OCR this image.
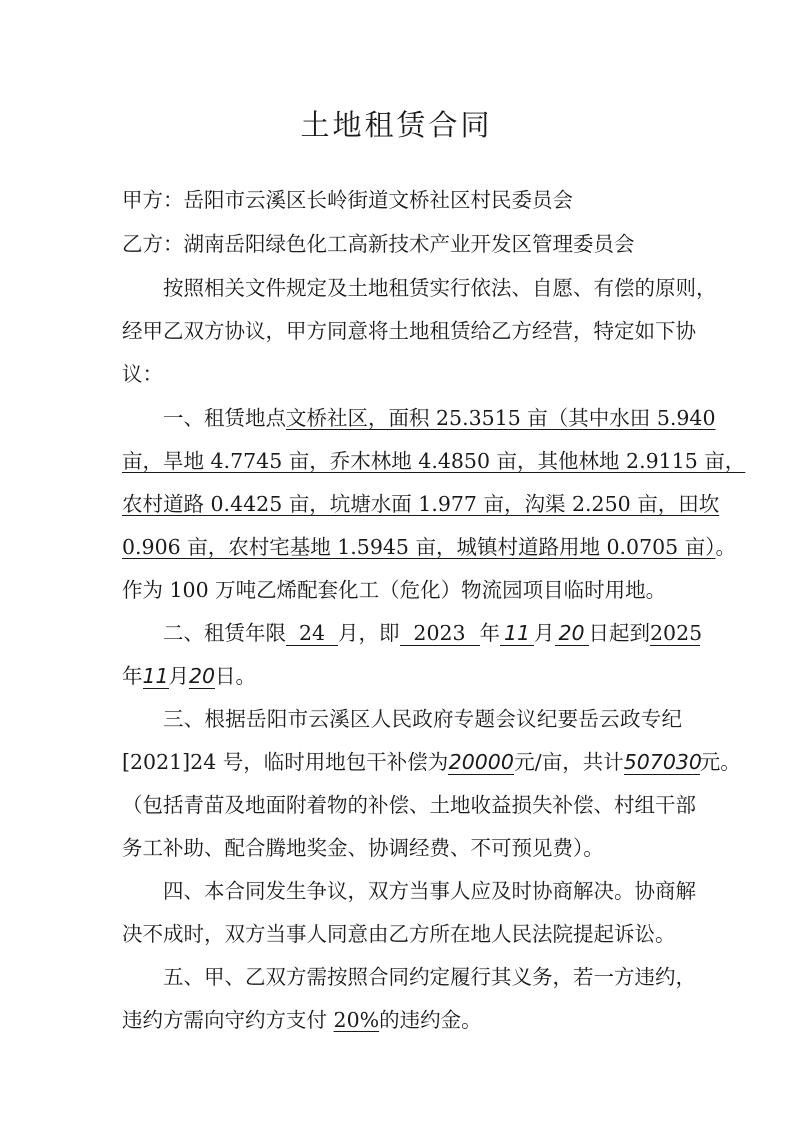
土地租赁合同
甲方：岳阳市云溪区长岭街道文桥社区村民委员会
乙方：湖南岳阳绿色化工高新技术产业开发区管理委员会
按照相关文件规定及土地租赁实行依法、自愿、有偿的原则，
经甲乙双方协议，甲方同意将土地租赁给乙方经营，特定如下协
议：
一、租赁地点文桥社区，面积 25.3515 亩（其中水田 5.940
亩，旱地 4.7745 亩，乔木林地 4.4850 亩，其他林地 2.9115 亩，
农村道路 0.4425 亩，坑塘水面 1.977 亩，沟渠 2.250 亩，田坎
0.906 亩，农村宅基地 1.5945 亩，城镇村道路用地 0.0705 亩）。
作为 100 万吨乙烯配套化工（危化）物流园项目临时用地。
二、租赁年限 24 月，即 2023 年 11 月 20 日起到2025
年11月20日。
三、根据岳阳市云溪区人民政府专题会议纪要岳云政专纪
[2021]24 号，临时用地包干补偿为20000元/亩，共计507030元。
（包括青苗及地面附着物的补偿、土地收益损失补偿、村组干部
务工补助、配合腾地奖金、协调经费、不可预见费）。
四、本合同发生争议，双方当事人应及时协商解决。协商解
决不成时，双方当事人同意由乙方所在地人民法院提起诉讼。
五、甲、乙双方需按照合同约定履行其义务，若一方违约，
违约方需向守约方支付 20%的违约金。
